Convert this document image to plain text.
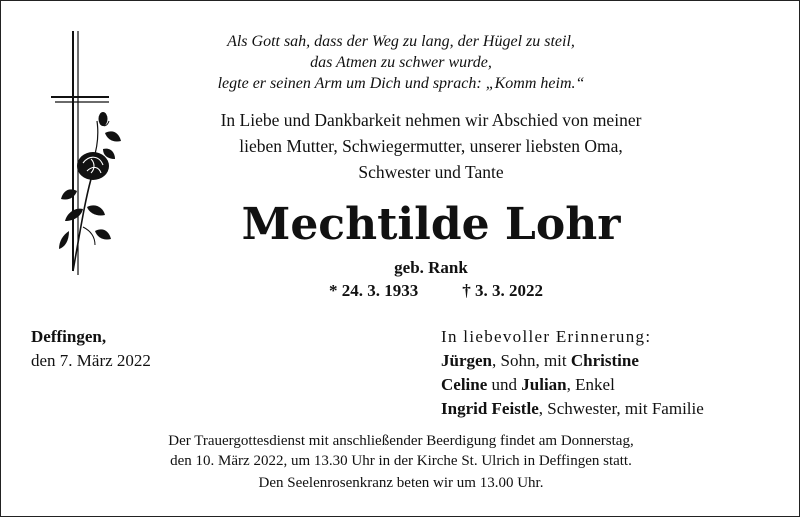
Als Gott sah, dass der Weg zu lang, der Hügel zu steil,
das Atmen zu schwer wurde,
legte er seinen Arm um Dich und sprach: „Komm heim.“
In Liebe und Dankbarkeit nehmen wir Abschied von meiner
lieben Mutter, Schwiegermutter, unserer liebsten Oma,
Schwester und Tante
Mechtilde Lohr
geb. Rank
* 24. 3. 1933	† 3. 3. 2022
Deffingen,
den 7. März 2022
In liebevoller Erinnerung:
Jürgen, Sohn, mit Christine
Celine und Julian, Enkel
Ingrid Feistle, Schwester, mit Familie
Der Trauergottesdienst mit anschließender Beerdigung findet am Donnerstag,
den 10. März 2022, um 13.30 Uhr in der Kirche St. Ulrich in Deffingen statt.
Den Seelenrosenkranz beten wir um 13.00 Uhr.
